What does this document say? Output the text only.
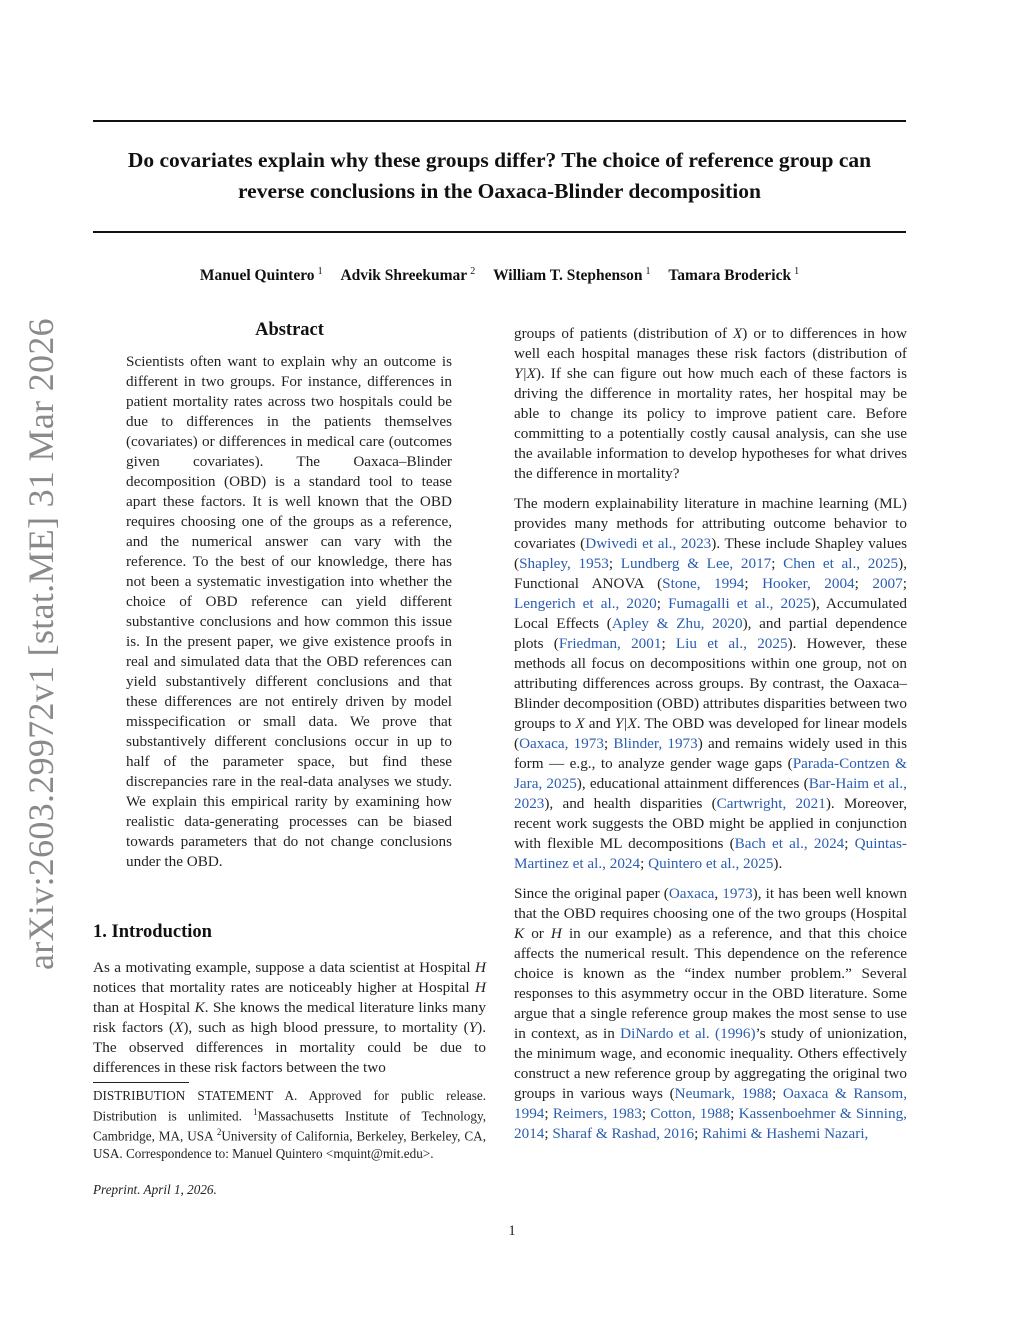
arXiv:2603.29972v1 [stat.ME] 31 Mar 2026
Do covariates explain why these groups differ? The choice of reference group can
reverse conclusions in the Oaxaca-Blinder decomposition
Manuel Quintero $^1$ Advik Shreekumar $^2$ William T. Stephenson $^1$ Tamara Broderick $^1$
Abstract
Scientists often want to explain why an outcome is different in two groups. For instance, differences in patient mortality rates across two hospitals could be due to differences in the patients themselves (covariates) or differences in medical care (outcomes given covariates). The Oaxaca–Blinder decomposition (OBD) is a standard tool to tease apart these factors. It is well known that the OBD requires choosing one of the groups as a reference, and the numerical answer can vary with the reference. To the best of our knowledge, there has not been a systematic investigation into whether the choice of OBD reference can yield different substantive conclusions and how common this issue is. In the present paper, we give existence proofs in real and simulated data that the OBD references can yield substantively different conclusions and that these differences are not entirely driven by model misspecification or small data. We prove that substantively different conclusions occur in up to half of the parameter space, but find these discrepancies rare in the real-data analyses we study. We explain this empirical rarity by examining how realistic data-generating processes can be biased towards parameters that do not change conclusions under the OBD.
1. Introduction

As a motivating example, suppose a data scientist at Hospital H notices that mortality rates are noticeably higher at Hospital H than at Hospital K. She knows the medical literature links many risk factors (X), such as high blood pressure, to mortality (Y). The observed differences in mortality could be due to differences in these risk factors between the two

DISTRIBUTION STATEMENT A. Approved for public release. Distribution is unlimited. $^1$Massachusetts Institute of Technology, Cambridge, MA, USA $^2$University of California, Berkeley, Berkeley, CA, USA. Correspondence to: Manuel Quintero <mquint@mit.edu>.

Preprint. April 1, 2026.

groups of patients (distribution of X) or to differences in how well each hospital manages these risk factors (distribution of Y|X). If she can figure out how much each of these factors is driving the difference in mortality rates, her hospital may be able to change its policy to improve patient care. Before committing to a potentially costly causal analysis, can she use the available information to develop hypotheses for what drives the difference in mortality?

The modern explainability literature in machine learning (ML) provides many methods for attributing outcome behavior to covariates (Dwivedi et al., 2023). These include Shapley values (Shapley, 1953; Lundberg & Lee, 2017; Chen et al., 2025), Functional ANOVA (Stone, 1994; Hooker, 2004; 2007; Lengerich et al., 2020; Fumagalli et al., 2025), Accumulated Local Effects (Apley & Zhu, 2020), and partial dependence plots (Friedman, 2001; Liu et al., 2025). However, these methods all focus on decompositions within one group, not on attributing differences across groups. By contrast, the Oaxaca–Blinder decomposition (OBD) attributes disparities between two groups to X and Y|X. The OBD was developed for linear models (Oaxaca, 1973; Blinder, 1973) and remains widely used in this form — e.g., to analyze gender wage gaps (Parada-Contzen & Jara, 2025), educational attainment differences (Bar-Haim et al., 2023), and health disparities (Cartwright, 2021). Moreover, recent work suggests the OBD might be applied in conjunction with flexible ML decompositions (Bach et al., 2024; Quintas-Martinez et al., 2024; Quintero et al., 2025).

Since the original paper (Oaxaca, 1973), it has been well known that the OBD requires choosing one of the two groups (Hospital K or H in our example) as a reference, and that this choice affects the numerical result. This dependence on the reference choice is known as the “index number problem.” Several responses to this asymmetry occur in the OBD literature. Some argue that a single reference group makes the most sense to use in context, as in DiNardo et al. (1996)’s study of unionization, the minimum wage, and economic inequality. Others effectively construct a new reference group by aggregating the original two groups in various ways (Neumark, 1988; Oaxaca & Ransom, 1994; Reimers, 1983; Cotton, 1988; Kassenboehmer & Sinning, 2014; Sharaf & Rashad, 2016; Rahimi & Hashemi Nazari,

1
